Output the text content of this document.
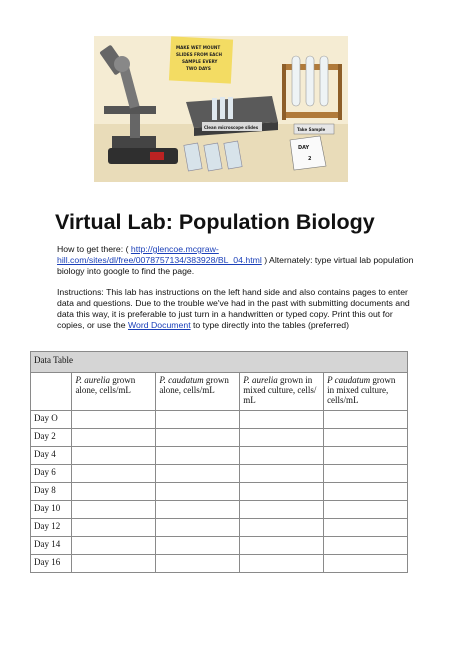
MAKE WET MOUNT
SLIDES FROM EACH
SAMPLE EVERY
TWO DAYS
Clean microscope slides	Take Sample
DAY
2
Virtual Lab: Population Biology
How to get there: ( http://glencoe.mcgraw-hill.com/sites/dl/free/0078757134/383928/BL_04.html ) Alternately: type virtual lab population biology into google to find the page.
Instructions: This lab has instructions on the left hand side and also contains pages to enter data and questions. Due to the trouble we've had in the past with submitting documents and data this way, it is preferable to just turn in a handwritten or typed copy. Print this out for copies, or use the Word Document to type directly into the tables (preferred)
Data Table				
	P. aurelia grown alone, cells/mL	P. caudatum grown alone, cells/mL	P. aurelia grown in mixed culture, cells/ mL	P caudatum grown in mixed culture, cells/mL
Day O				
Day 2				
Day 4				
Day 6				
Day 8				
Day 10				
Day 12				
Day 14				
Day 16				
